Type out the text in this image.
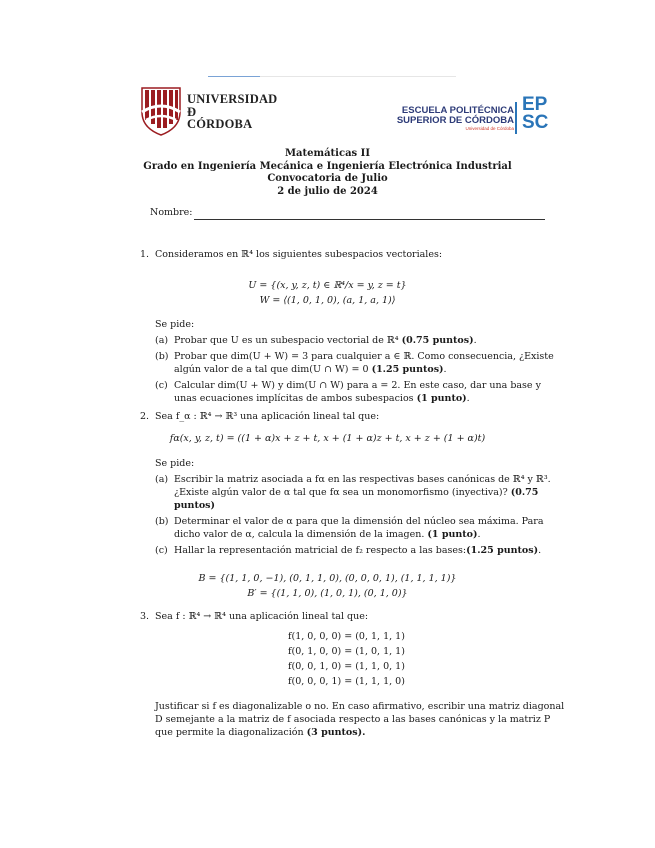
UNIVERSIDAD
Ð
CÓRDOBA
ESCUELA POLITÉCNICA
SUPERIOR DE CÓRDOBA
Universidad de Córdoba
EP
SC
Matemáticas II
Grado en Ingeniería Mecánica e Ingeniería Electrónica Industrial
Convocatoria de Julio
2 de julio de 2024
Nombre:
1. Consideramos en ℝ⁴ los siguientes subespacios vectoriales:
U = {(x, y, z, t) ∈ ℝ⁴/x = y, z = t}
W = ⟨(1, 0, 1, 0), (a, 1, a, 1)⟩
Se pide:
(a) Probar que U es un subespacio vectorial de ℝ⁴ (0.75 puntos).
(b) Probar que dim(U + W) = 3 para cualquier a ∈ ℝ. Como consecuencia, ¿Existe
algún valor de a tal que dim(U ∩ W) = 0 (1.25 puntos).
(c) Calcular dim(U + W) y dim(U ∩ W) para a = 2. En este caso, dar una base y
unas ecuaciones implícitas de ambos subespacios (1 punto).
2. Sea f_α : ℝ⁴ → ℝ³ una aplicación lineal tal que:
fα(x, y, z, t) = ((1 + α)x + z + t, x + (1 + α)z + t, x + z + (1 + α)t)
Se pide:
(a) Escribir la matriz asociada a fα en las respectivas bases canónicas de ℝ⁴ y ℝ³.
¿Existe algún valor de α tal que fα sea un monomorfismo (inyectiva)? (0.75
puntos)
(b) Determinar el valor de α para que la dimensión del núcleo sea máxima. Para
dicho valor de α, calcula la dimensión de la imagen. (1 punto).
(c) Hallar la representación matricial de f₂ respecto a las bases:(1.25 puntos).
B = {(1, 1, 0, −1), (0, 1, 1, 0), (0, 0, 0, 1), (1, 1, 1, 1)}
B′ = {(1, 1, 0), (1, 0, 1), (0, 1, 0)}
3. Sea f : ℝ⁴ → ℝ⁴ una aplicación lineal tal que:
f(1, 0, 0, 0) = (0, 1, 1, 1)
f(0, 1, 0, 0) = (1, 0, 1, 1)
f(0, 0, 1, 0) = (1, 1, 0, 1)
f(0, 0, 0, 1) = (1, 1, 1, 0)
Justificar si f es diagonalizable o no. En caso afirmativo, escribir una matriz diagonal
D semejante a la matriz de f asociada respecto a las bases canónicas y la matriz P
que permite la diagonalización (3 puntos).
